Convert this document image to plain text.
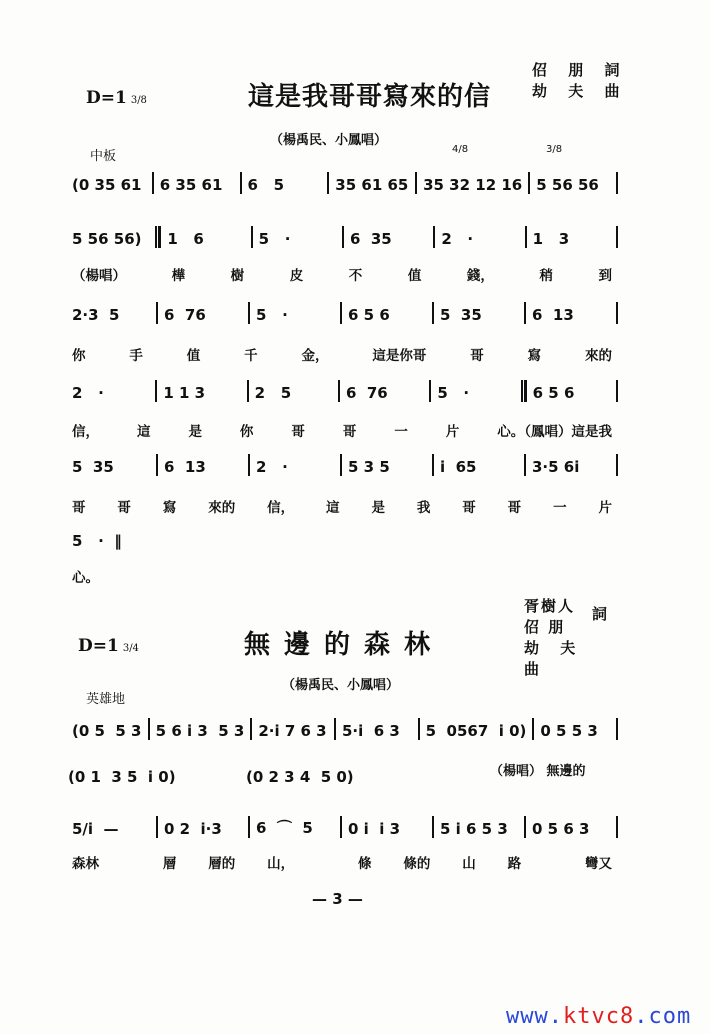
D=1 3/8	這是我哥哥寫來的信
佋 朋 詞
劫 夫 曲
（楊禹民、小鳳唱）
中板	4/8	3/8
(0 35 61	6 35 61	6   5	35 61 65 35 32 12 16 5 56 56
5 56 56)	1   6	5   ·	6  35	2   ·	1   3
2·3  5	6  76	5   ·	6 5 6	5  35	6  13
2   ·	1 1 3	2   5	6  76	5   ·	6 5 6
5  35	6  13	2   ·	5 3 5	i  65	3·5 6i
（楊唱）	樺	樹	皮	不	值	錢，	稍	到
你	手	值	千	金，	這是你哥	哥	寫	來的
信，	這	是	你	哥	哥	一	片	心。（鳳唱）這是我
哥 哥 寫 來的 信， 這 是 我 哥 哥 一 片
5   ·  ‖
心。
D=1 3/4	無邊的森林
胥樹人 佋 朋
詞
劫 夫 曲
（楊禹民、小鳳唱）
英雄地
(0 5  5 3 5 6 i 3  5 3 2·i 7 6 3	5·i  6 3	5  0567  i 0) 0 5 5 3
5/i  —	0 2  i·3	6  ⌒  5	0 i  i 3	5 i 6 5 3	0 5 6 3
(0 1  3 5  i 0)	(0 2 3 4  5 0)	（楊唱） 無邊的
森林	層 層的 山，	條 條的 山 路	彎又
— 3 —
www.ktvc8.com
